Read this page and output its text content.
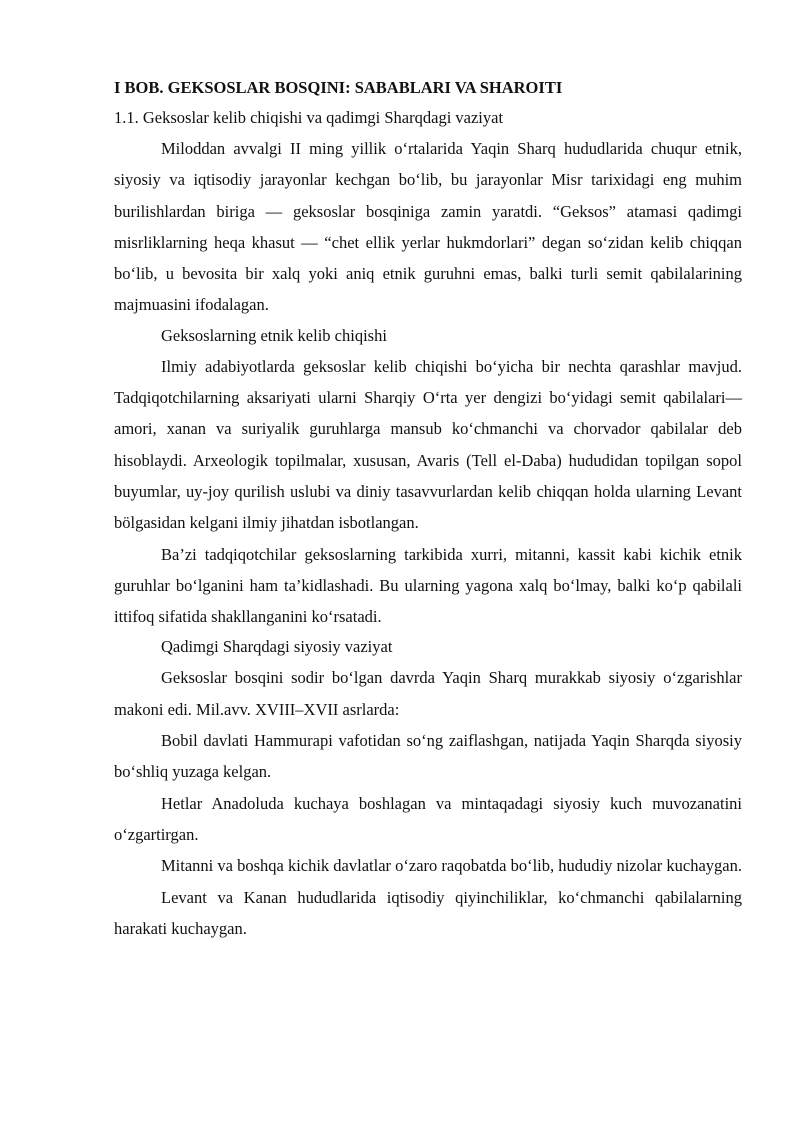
I BOB. GEKSOSLAR BOSQINI: SABABLARI VA SHAROITI

1.1. Geksoslar kelib chiqishi va qadimgi Sharqdagi vaziyat

Miloddan avvalgi II ming yillik o‘rtalarida Yaqin Sharq hududlarida chuqur etnik, siyosiy va iqtisodiy jarayonlar kechgan bo‘lib, bu jarayonlar Misr tarixidagi eng muhim burilishlardan biriga — geksoslar bosqiniga zamin yaratdi. “Geksos” atamasi qadimgi misrliklarning heqa khasut — “chet ellik yerlar hukmdorlari” degan so‘zidan kelib chiqqan bo‘lib, u bevosita bir xalq yoki aniq etnik guruhni emas, balki turli semit qabilalarining majmuasini ifodalagan.

Geksoslarning etnik kelib chiqishi

Ilmiy adabiyotlarda geksoslar kelib chiqishi bo‘yicha bir nechta qarashlar mavjud. Tadqiqotchilarning aksariyati ularni Sharqiy O‘rta yer dengizi bo‘yidagi semit qabilalari— amori, xanan va suriyalik guruhlarga mansub ko‘chmanchi va chorvador qabilalar deb hisoblaydi. Arxeologik topilmalar, xususan, Avaris (Tell el-Daba) hududidan topilgan sopol buyumlar, uy-joy qurilish uslubi va diniy tasavvurlardan kelib chiqqan holda ularning Levant bölgasidan kelgani ilmiy jihatdan isbotlangan.

Ba’zi tadqiqotchilar geksoslarning tarkibida xurri, mitanni, kassit kabi kichik etnik guruhlar bo‘lganini ham ta’kidlashadi. Bu ularning yagona xalq bo‘lmay, balki ko‘p qabilali ittifoq sifatida shakllanganini ko‘rsatadi.

Qadimgi Sharqdagi siyosiy vaziyat

Geksoslar bosqini sodir bo‘lgan davrda Yaqin Sharq murakkab siyosiy o‘zgarishlar makoni edi. Mil.avv. XVIII–XVII asrlarda:

Bobil davlati Hammurapi vafotidan so‘ng zaiflashgan, natijada Yaqin Sharqda siyosiy bo‘shliq yuzaga kelgan.

Hetlar Anadoluda kuchaya boshlagan va mintaqadagi siyosiy kuch muvozanatini o‘zgartirgan.

Mitanni va boshqa kichik davlatlar o‘zaro raqobatda bo‘lib, hududiy nizolar kuchaygan.

Levant va Kanan hududlarida iqtisodiy qiyinchiliklar, ko‘chmanchi qabilalarning harakati kuchaygan.
